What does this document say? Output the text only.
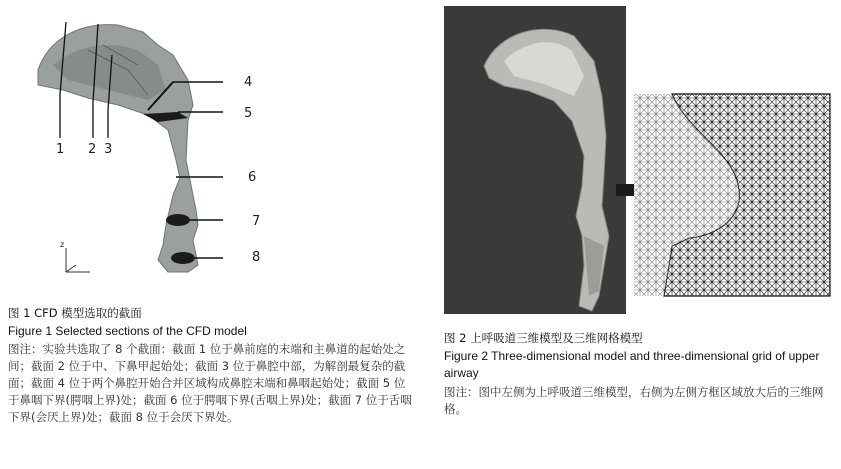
1 2 3
4
5
6
7
8
z
图 1 CFD 模型选取的截面
Figure 1 Selected sections of the CFD model
图注：实验共选取了 8 个截面：截面 1 位于鼻前庭的末端和主鼻道的起始处之间；截面 2 位于中、下鼻甲起始处；截面 3 位于鼻腔中部，为解剖最复杂的截面；截面 4 位于两个鼻腔开始合并区域构成鼻腔末端和鼻咽起始处；截面 5 位于鼻咽下界(腭咽上界)处；截面 6 位于腭咽下界(舌咽上界)处；截面 7 位于舌咽下界(会厌上界)处；截面 8 位于会厌下界处。
图 2 上呼吸道三维模型及三维网格模型
Figure 2 Three-dimensional model and three-dimensional grid of upper airway
图注：图中左侧为上呼吸道三维模型，右侧为左侧方框区域放大后的三维网格。
